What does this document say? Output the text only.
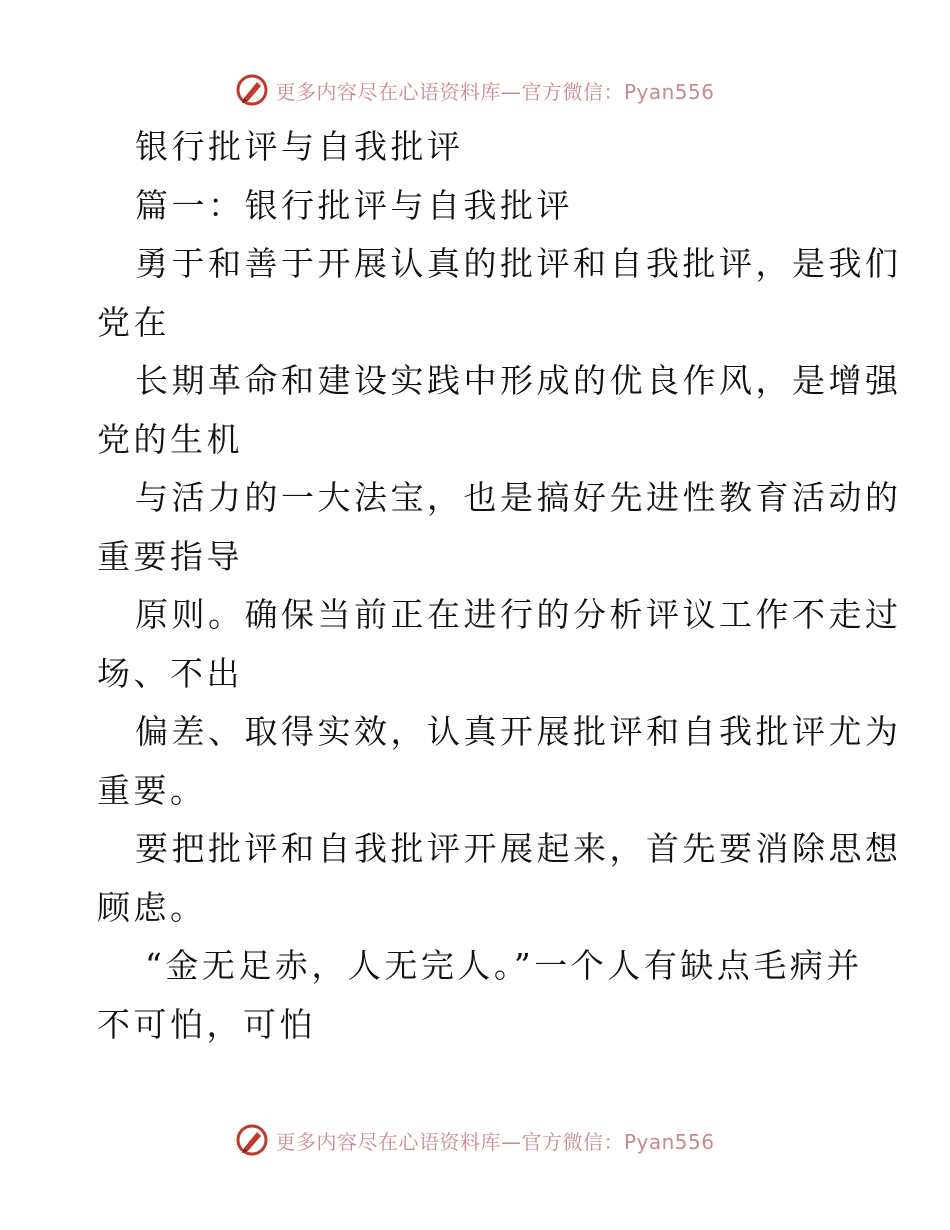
更多内容尽在心语资料库—官方微信：Pyan556
银行批评与自我批评
篇一：银行批评与自我批评
勇于和善于开展认真的批评和自我批评，是我们
党在
长期革命和建设实践中形成的优良作风，是增强
党的生机
与活力的一大法宝，也是搞好先进性教育活动的
重要指导
原则。确保当前正在进行的分析评议工作不走过
场、不出
偏差、取得实效，认真开展批评和自我批评尤为
重要。
要把批评和自我批评开展起来，首先要消除思想
顾虑。
“金无足赤，人无完人。”一个人有缺点毛病并
不可怕，可怕
更多内容尽在心语资料库—官方微信：Pyan556
